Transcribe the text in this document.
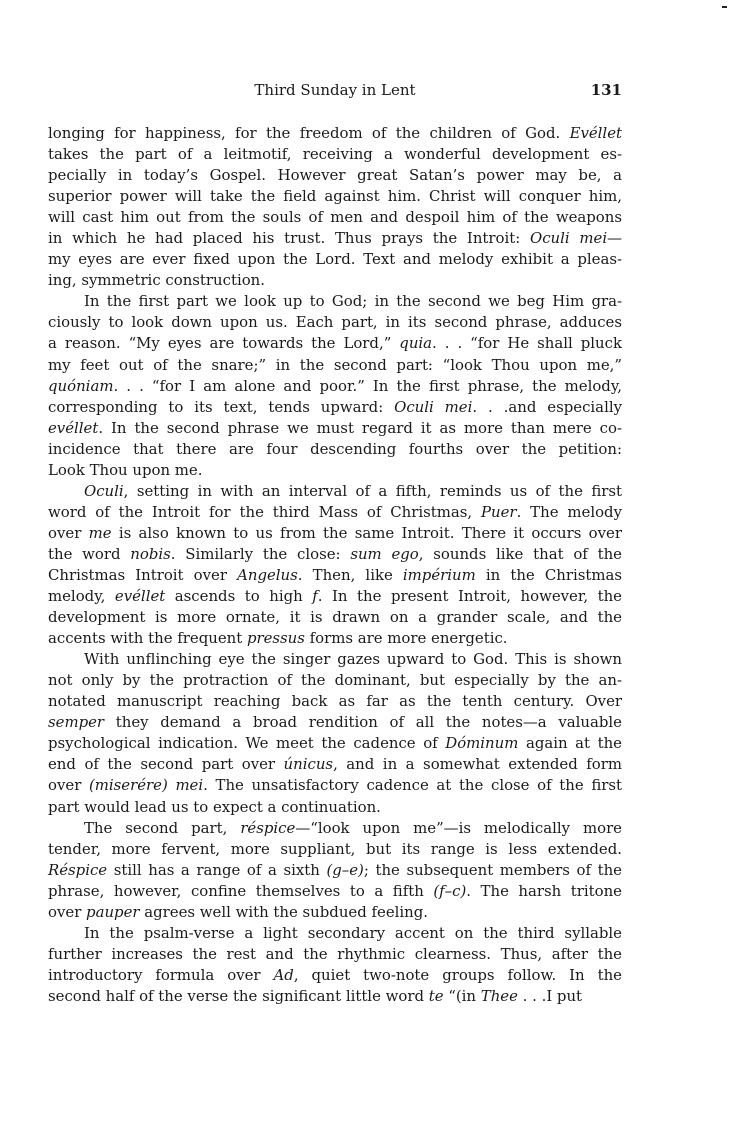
Third Sunday in Lent	131
longing for happiness, for the freedom of the children of God. Evéllet
takes the part of a leitmotif, receiving a wonderful development es-
pecially in today’s Gospel. However great Satan’s power may be, a
superior power will take the field against him. Christ will conquer him,
will cast him out from the souls of men and despoil him of the weapons
in which he had placed his trust. Thus prays the Introit: Oculi mei—
my eyes are ever fixed upon the Lord. Text and melody exhibit a pleas-
ing, symmetric construction.
In the first part we look up to God; in the second we beg Him gra-
ciously to look down upon us. Each part, in its second phrase, adduces
a reason. “My eyes are towards the Lord,” quia. . . “for He shall pluck
my feet out of the snare;” in the second part: “look Thou upon me,”
quóniam. . . “for I am alone and poor.” In the first phrase, the melody,
corresponding to its text, tends upward: Oculi mei. . .and especially
evéllet. In the second phrase we must regard it as more than mere co-
incidence that there are four descending fourths over the petition:
Look Thou upon me.
Oculi, setting in with an interval of a fifth, reminds us of the first
word of the Introit for the third Mass of Christmas, Puer. The melody
over me is also known to us from the same Introit. There it occurs over
the word nobis. Similarly the close: sum ego, sounds like that of the
Christmas Introit over Angelus. Then, like impérium in the Christmas
melody, evéllet ascends to high f. In the present Introit, however, the
development is more ornate, it is drawn on a grander scale, and the
accents with the frequent pressus forms are more energetic.
With unflinching eye the singer gazes upward to God. This is shown
not only by the protraction of the dominant, but especially by the an-
notated manuscript reaching back as far as the tenth century. Over
semper they demand a broad rendition of all the notes—a valuable
psychological indication. We meet the cadence of Dóminum again at the
end of the second part over únicus, and in a somewhat extended form
over (miserére) mei. The unsatisfactory cadence at the close of the first
part would lead us to expect a continuation.
The second part, réspice—“look upon me”—is melodically more
tender, more fervent, more suppliant, but its range is less extended.
Réspice still has a range of a sixth (g–e); the subsequent members of the
phrase, however, confine themselves to a fifth (f–c). The harsh tritone
over pauper agrees well with the subdued feeling.
In the psalm-verse a light secondary accent on the third syllable
further increases the rest and the rhythmic clearness. Thus, after the
introductory formula over Ad, quiet two-note groups follow. In the
second half of the verse the significant little word te “(in Thee . . .I put
